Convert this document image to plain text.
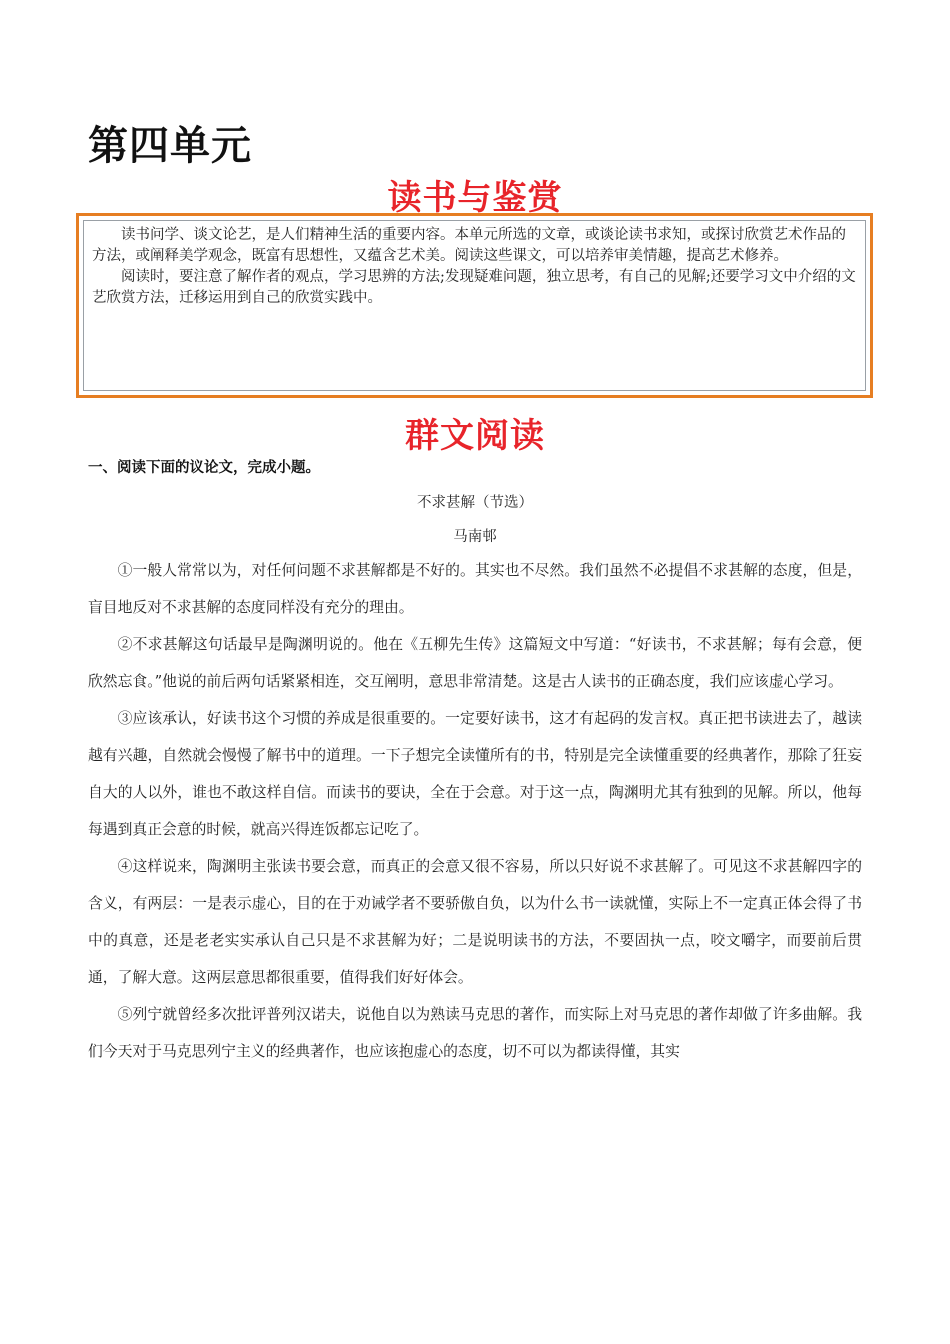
第四单元
读书与鉴赏

读书问学、谈文论艺，是人们精神生活的重要内容。本单元所选的文章，或谈论读书求知，或探讨欣赏艺术作品的方法，或阐释美学观念，既富有思想性，又蕴含艺术美。阅读这些课文，可以培养审美情趣，提高艺术修养。

阅读时，要注意了解作者的观点，学习思辨的方法;发现疑难问题，独立思考，有自己的见解;还要学习文中介绍的文艺欣赏方法，迁移运用到自己的欣赏实践中。

群文阅读
一、阅读下面的议论文，完成小题。
不求甚解（节选）
马南邨

①一般人常常以为，对任何问题不求甚解都是不好的。其实也不尽然。我们虽然不必提倡不求甚解的态度，但是，盲目地反对不求甚解的态度同样没有充分的理由。

②不求甚解这句话最早是陶渊明说的。他在《五柳先生传》这篇短文中写道：“好读书，不求甚解；每有会意，便欣然忘食。”他说的前后两句话紧紧相连，交互阐明，意思非常清楚。这是古人读书的正确态度，我们应该虚心学习。

③应该承认，好读书这个习惯的养成是很重要的。一定要好读书，这才有起码的发言权。真正把书读进去了，越读越有兴趣，自然就会慢慢了解书中的道理。一下子想完全读懂所有的书，特别是完全读懂重要的经典著作，那除了狂妄自大的人以外，谁也不敢这样自信。而读书的要诀，全在于会意。对于这一点，陶渊明尤其有独到的见解。所以，他每每遇到真正会意的时候，就高兴得连饭都忘记吃了。

④这样说来，陶渊明主张读书要会意，而真正的会意又很不容易，所以只好说不求甚解了。可见这不求甚解四字的含义，有两层：一是表示虚心，目的在于劝诫学者不要骄傲自负，以为什么书一读就懂，实际上不一定真正体会得了书中的真意，还是老老实实承认自己只是不求甚解为好；二是说明读书的方法，不要固执一点，咬文嚼字，而要前后贯通，了解大意。这两层意思都很重要，值得我们好好体会。

⑤列宁就曾经多次批评普列汉诺夫，说他自以为熟读马克思的著作，而实际上对马克思的著作却做了许多曲解。我们今天对于马克思列宁主义的经典著作，也应该抱虚心的态度，切不可以为都读得懂，其实
